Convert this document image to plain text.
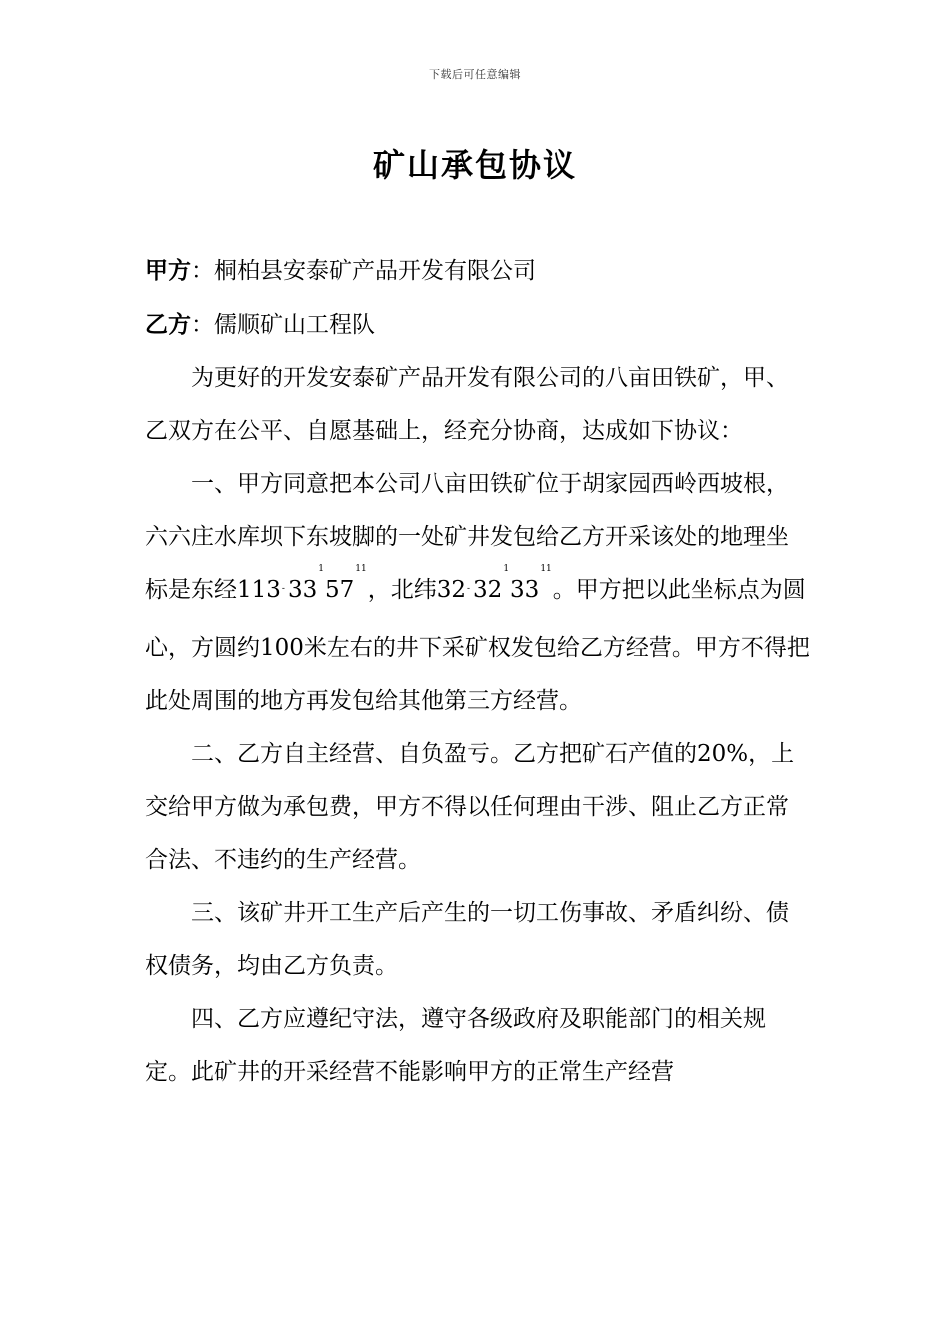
下载后可任意编辑
矿山承包协议

甲方：桐柏县安泰矿产品开发有限公司

乙方：儒顺矿山工程队

为更好的开发安泰矿产品开发有限公司的八亩田铁矿，甲、乙双方在公平、自愿基础上，经充分协商，达成如下协议：

一、甲方同意把本公司八亩田铁矿位于胡家园西岭西坡根，六六庄水库坝下东坡脚的一处矿井发包给乙方开采该处的地理坐标是东经113- $33^157^{11}$，北纬32- $32^133^{11}$。甲方把以此坐标点为圆心，方圆约100米左右的井下采矿权发包给乙方经营。甲方不得把此处周围的地方再发包给其他第三方经营。

二、乙方自主经营、自负盈亏。乙方把矿石产值的20%，上交给甲方做为承包费，甲方不得以任何理由干涉、阻止乙方正常合法、不违约的生产经营。

三、该矿井开工生产后产生的一切工伤事故、矛盾纠纷、债权债务，均由乙方负责。

四、乙方应遵纪守法，遵守各级政府及职能部门的相关规定。此矿井的开采经营不能影响甲方的正常生产经营
